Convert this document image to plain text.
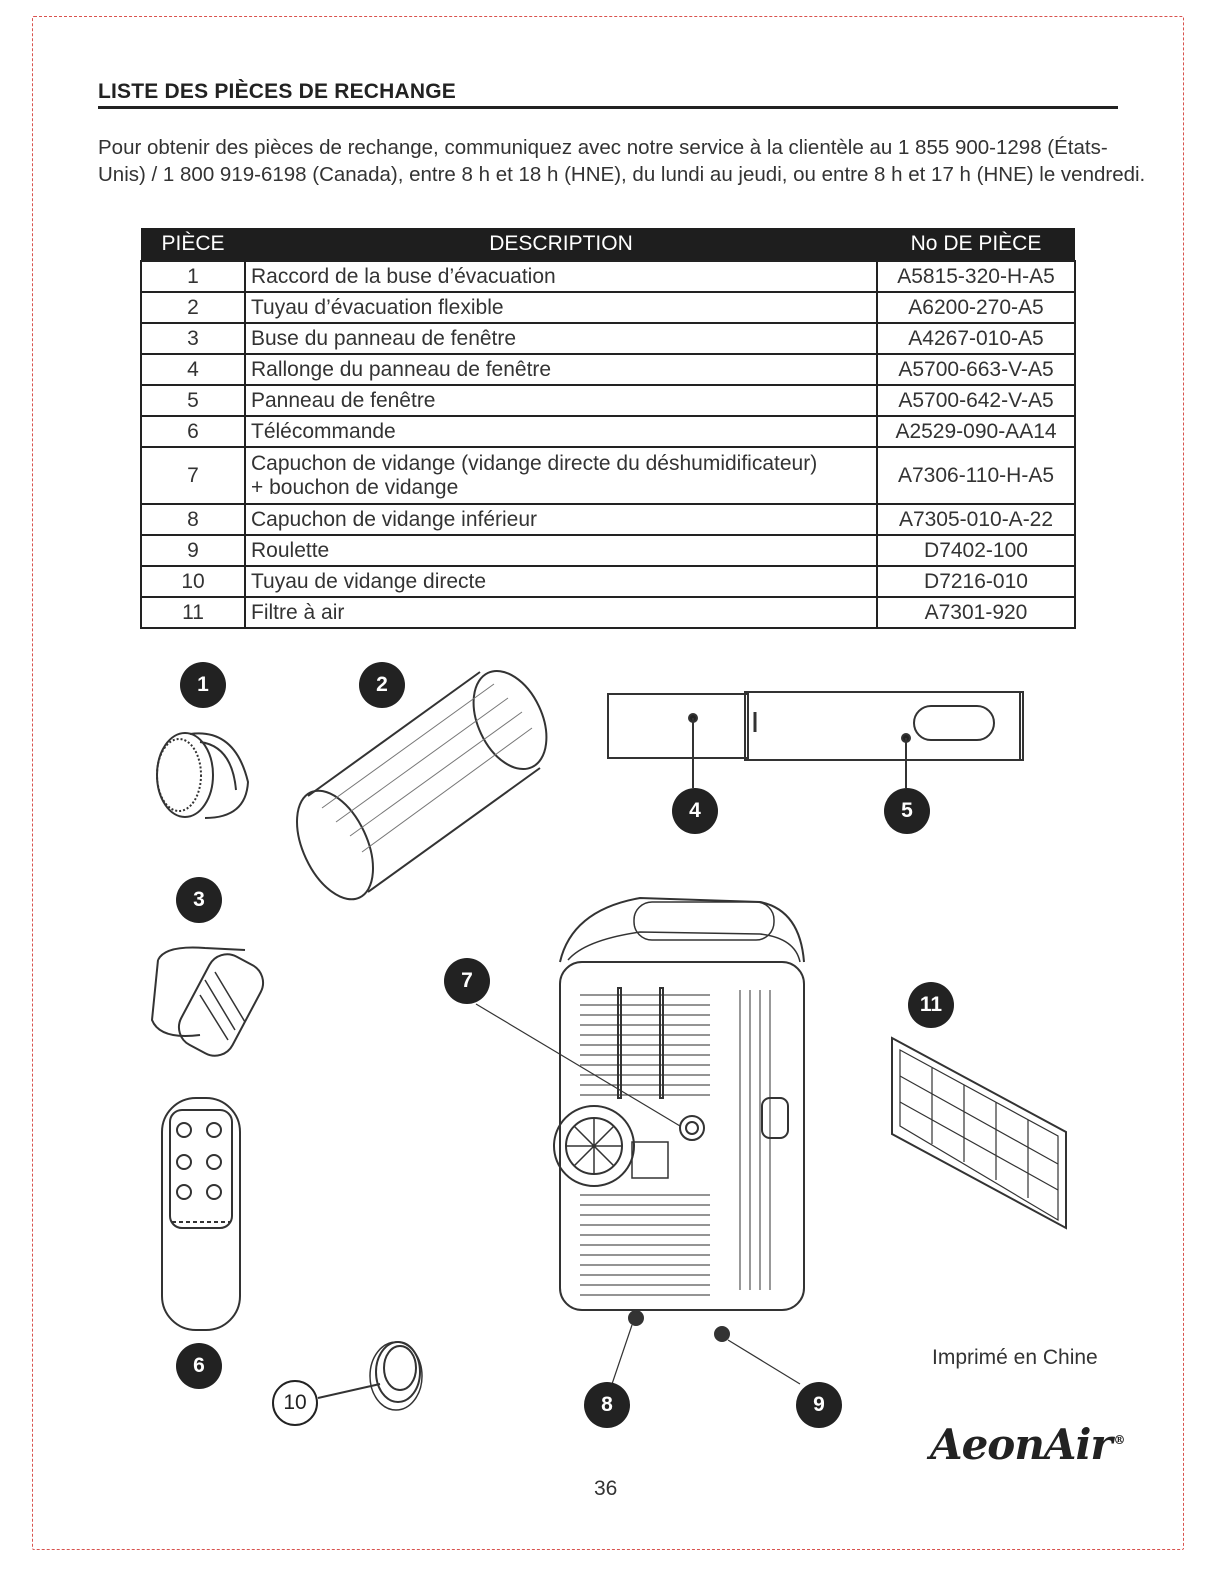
LISTE DES PIÈCES DE RECHANGE
Pour obtenir des pièces de rechange, communiquez avec notre service à la clientèle au 1 855 900-1298 (États-Unis) / 1 800 919-6198 (Canada), entre 8 h et 18 h (HNE), du lundi au jeudi, ou entre 8 h et 17 h (HNE) le vendredi.
PIÈCE	DESCRIPTION	No DE PIÈCE
1	Raccord de la buse d’évacuation	A5815-320-H-A5
2	Tuyau d’évacuation flexible	A6200-270-A5
3	Buse du panneau de fenêtre	A4267-010-A5
4	Rallonge du panneau de fenêtre	A5700-663-V-A5
5	Panneau de fenêtre	A5700-642-V-A5
6	Télécommande	A2529-090-AA14
7	Capuchon de vidange (vidange directe du déshumidificateur)
+ bouchon de vidange	A7306-110-H-A5
8	Capuchon de vidange inférieur	A7305-010-A-22
9	Roulette	D7402-100
10	Tuyau de vidange directe	D7216-010
11	Filtre à air	A7301-920
1	2
4	5
3
7
11
6
10	8	9
Imprimé en Chine
AeonAir ®
36
